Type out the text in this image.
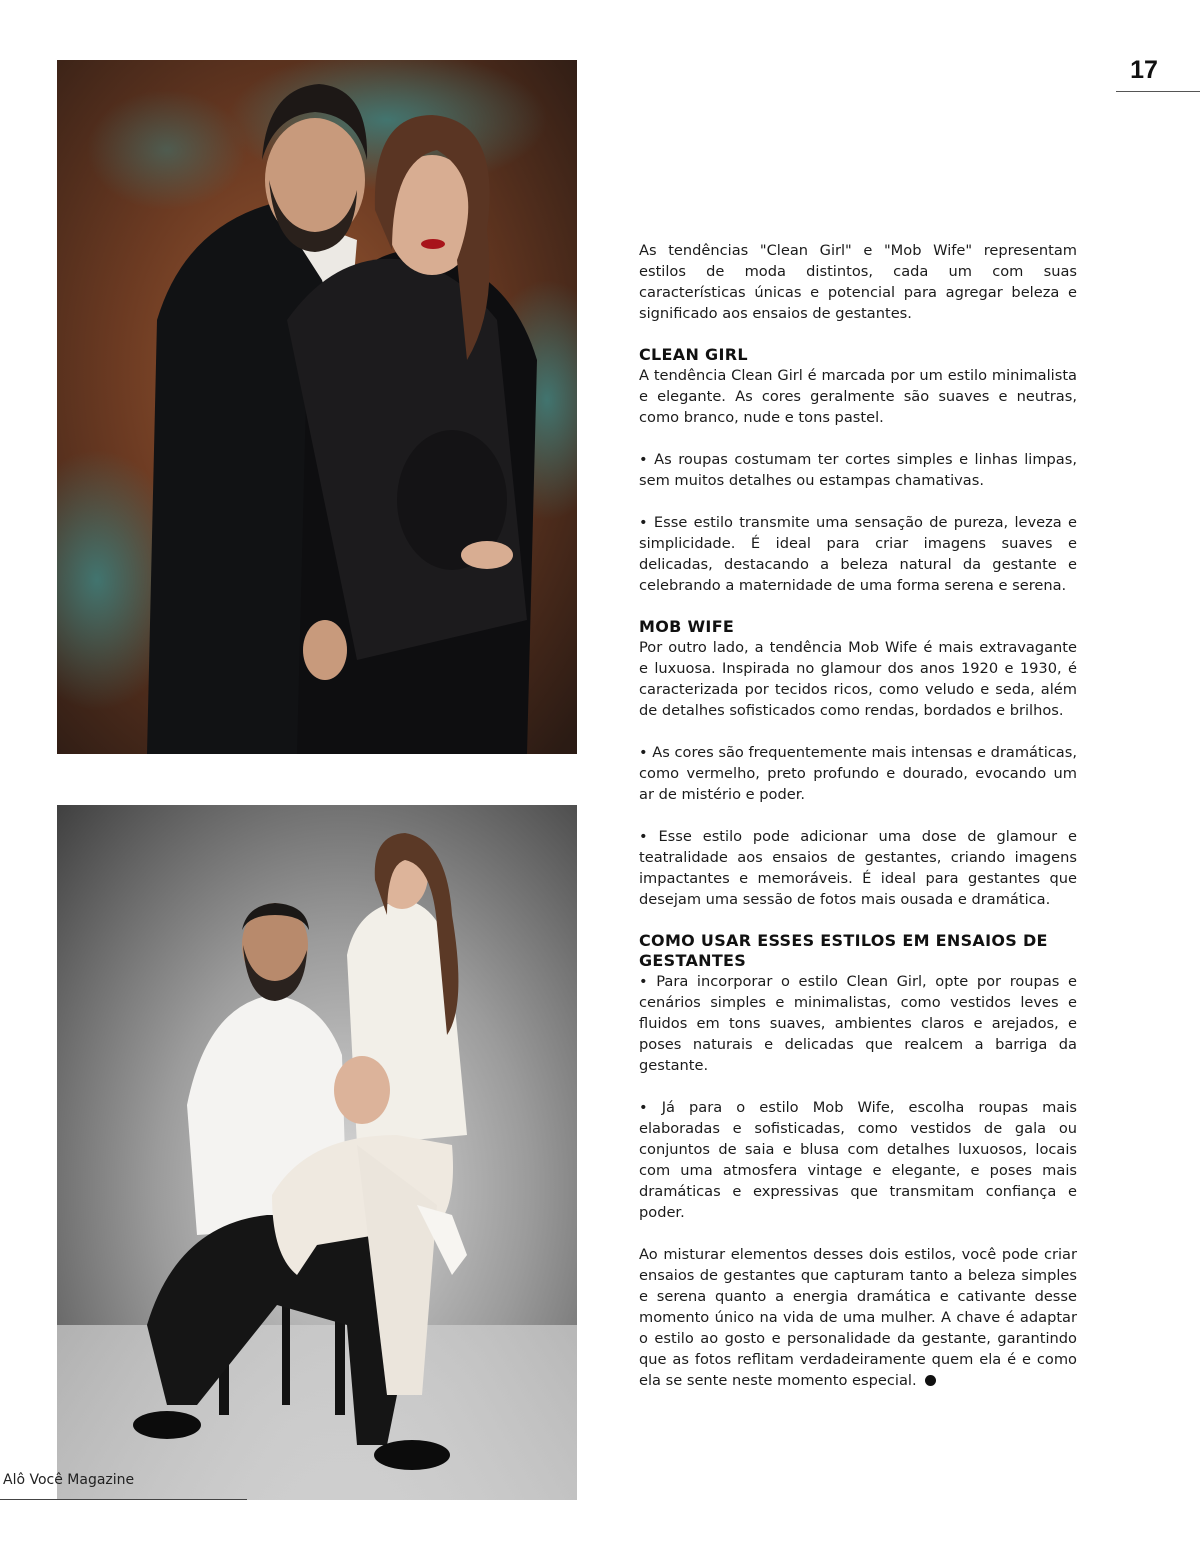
17
Alô Você Magazine

As tendências "Clean Girl" e "Mob Wife" representam estilos de moda distintos, cada um com suas características únicas e potencial para agregar beleza e significado aos ensaios de gestantes.

CLEAN GIRL

A tendência Clean Girl é marcada por um estilo minimalista e elegante. As cores geralmente são suaves e neutras, como branco, nude e tons pastel.

• As roupas costumam ter cortes simples e linhas limpas, sem muitos detalhes ou estampas chamativas.

• Esse estilo transmite uma sensação de pureza, leveza e simplicidade. É ideal para criar imagens suaves e delicadas, destacando a beleza natural da gestante e celebrando a maternidade de uma forma serena e serena.

MOB WIFE

Por outro lado, a tendência Mob Wife é mais extravagante e luxuosa. Inspirada no glamour dos anos 1920 e 1930, é caracterizada por tecidos ricos, como veludo e seda, além de detalhes sofisticados como rendas, bordados e brilhos.

• As cores são frequentemente mais intensas e dramáticas, como vermelho, preto profundo e dourado, evocando um ar de mistério e poder.

• Esse estilo pode adicionar uma dose de glamour e teatralidade aos ensaios de gestantes, criando imagens impactantes e memoráveis. É ideal para gestantes que desejam uma sessão de fotos mais ousada e dramática.

COMO USAR ESSES ESTILOS EM ENSAIOS DE GESTANTES

• Para incorporar o estilo Clean Girl, opte por roupas e cenários simples e minimalistas, como vestidos leves e fluidos em tons suaves, ambientes claros e arejados, e poses naturais e delicadas que realcem a barriga da gestante.

• Já para o estilo Mob Wife, escolha roupas mais elaboradas e sofisticadas, como vestidos de gala ou conjuntos de saia e blusa com detalhes luxuosos, locais com uma atmosfera vintage e elegante, e poses mais dramáticas e expressivas que transmitam confiança e poder.

Ao misturar elementos desses dois estilos, você pode criar ensaios de gestantes que capturam tanto a beleza simples e serena quanto a energia dramática e cativante desse momento único na vida de uma mulher. A chave é adaptar o estilo ao gosto e personalidade da gestante, garantindo que as fotos reflitam verdadeiramente quem ela é e como ela se sente neste momento especial.
